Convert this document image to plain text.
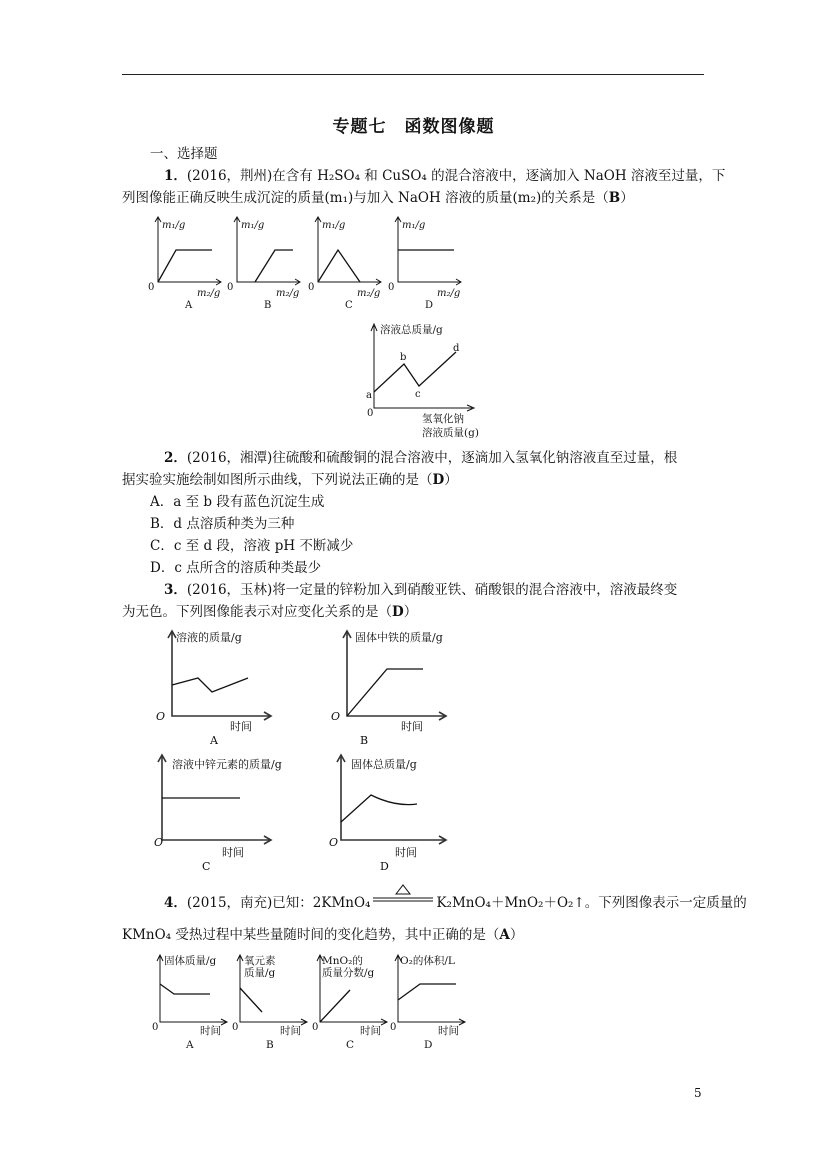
专题七　函数图像题
一、选择题
1．(2016，荆州)在含有 H₂SO₄ 和 CuSO₄ 的混合溶液中，逐滴加入 NaOH 溶液至过量，下
列图像能正确反映生成沉淀的质量(m₁)与加入 NaOH 溶液的质量(m₂)的关系是（B）
m₁/g
m₂/g
0
A
m₁/g
m₂/g
0
B
m₁/g
m₂/g
0
C
m₁/g
m₂/g
0
D
溶液总质量/g
a
b
c
d
0	氢氧化钠
溶液质量(g)
2．(2016，湘潭)往硫酸和硫酸铜的混合溶液中，逐滴加入氢氧化钠溶液直至过量，根
据实验实施绘制如图所示曲线，下列说法正确的是（D）
A．a 至 b 段有蓝色沉淀生成
B．d 点溶质种类为三种
C．c 至 d 段，溶液 pH 不断减少
D．c 点所含的溶质种类最少
3．(2016，玉林)将一定量的锌粉加入到硝酸亚铁、硝酸银的混合溶液中，溶液最终变
为无色。下列图像能表示对应变化关系的是（D）
溶液的质量/g
O
时间
A
固体中铁的质量/g
O
时间
B
溶液中锌元素的质量/g
O
时间
C
固体总质量/g
O
时间
D
4．(2015，南充)已知：2KMnO₄	K₂MnO₄＋MnO₂＋O₂↑。下列图像表示一定质量的
KMnO₄ 受热过程中某些量随时间的变化趋势，其中正确的是（A）
固体质量/g
0	时间
A
氧元素
质量/g
0	时间
B
MnO₂的
质量分数/g
0	时间
C
O₂的体积/L
0	时间
D
5
